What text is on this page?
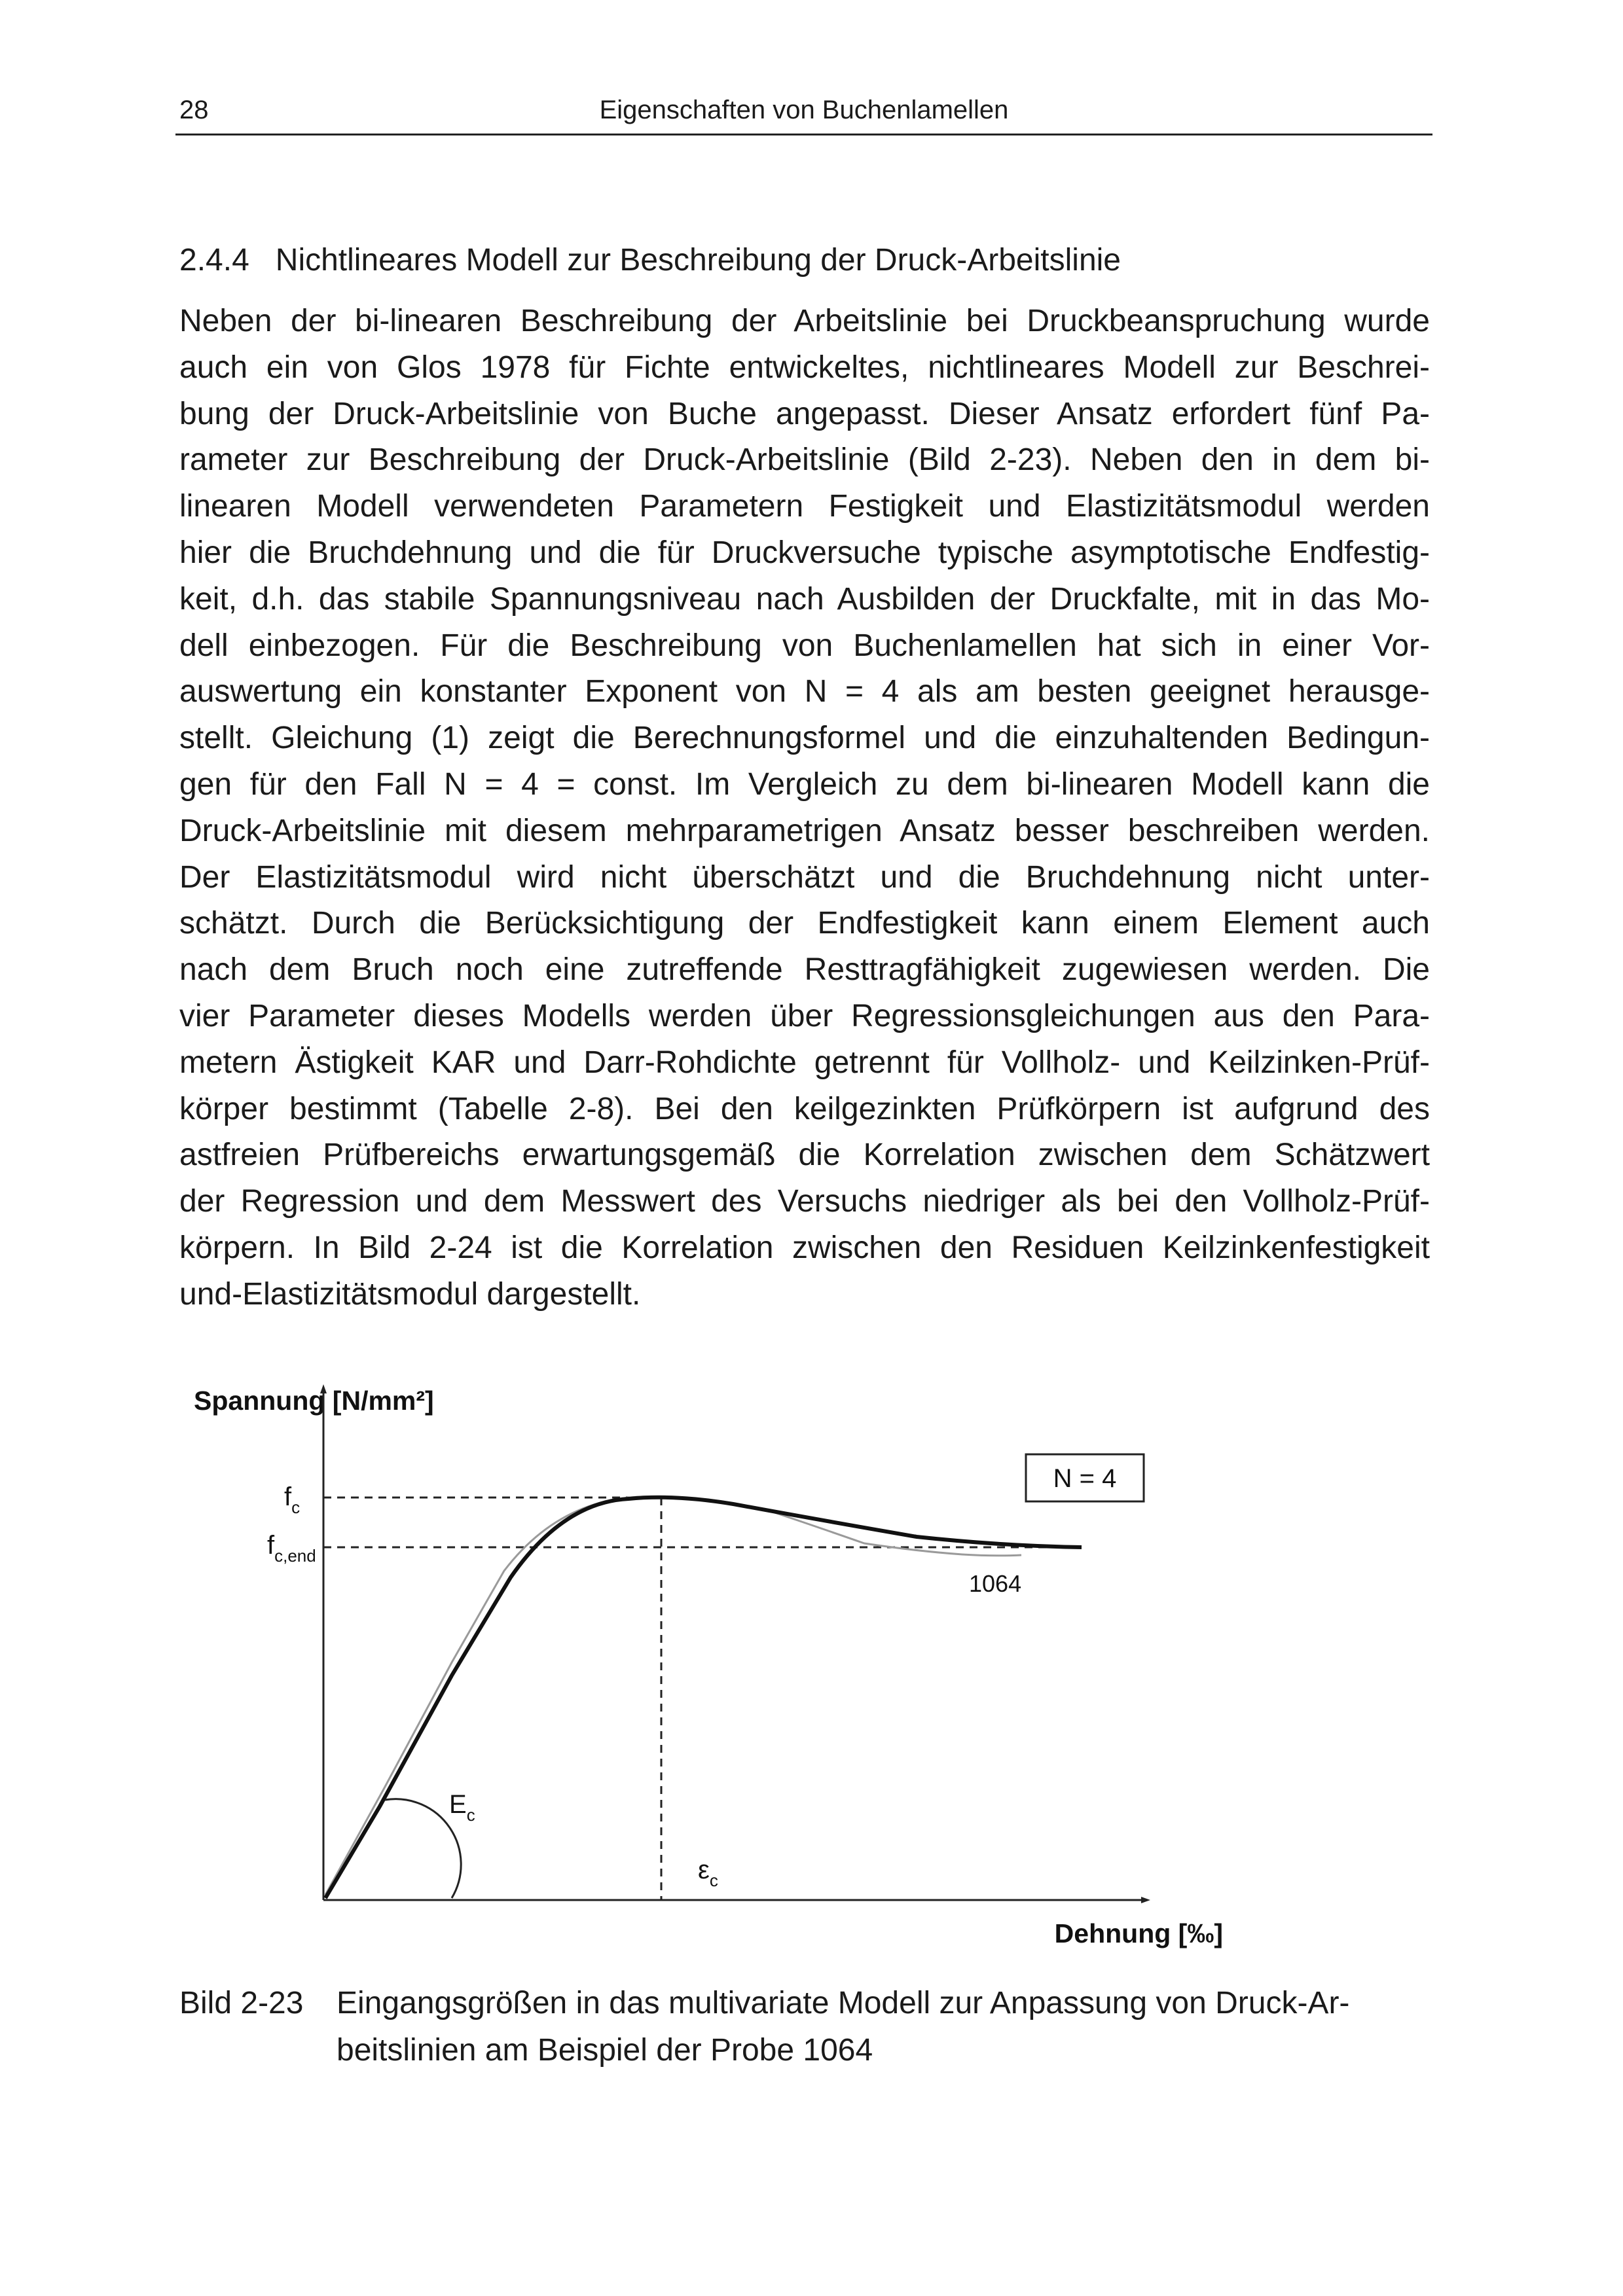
28	Eigenschaften von Buchenlamellen
2.4.4 Nichtlineares Modell zur Beschreibung der Druck-Arbeitslinie
Neben der bi-linearen Beschreibung der Arbeitslinie bei Druckbeanspruchung wurde
auch ein von Glos 1978 für Fichte entwickeltes, nichtlineares Modell zur Beschrei-
bung der Druck-Arbeitslinie von Buche angepasst. Dieser Ansatz erfordert fünf Pa-
rameter zur Beschreibung der Druck-Arbeitslinie (Bild 2-23). Neben den in dem bi-
linearen Modell verwendeten Parametern Festigkeit und Elastizitätsmodul werden
hier die Bruchdehnung und die für Druckversuche typische asymptotische Endfestig-
keit, d.h. das stabile Spannungsniveau nach Ausbilden der Druckfalte, mit in das Mo-
dell einbezogen. Für die Beschreibung von Buchenlamellen hat sich in einer Vor-
auswertung ein konstanter Exponent von N = 4 als am besten geeignet herausge-
stellt. Gleichung (1) zeigt die Berechnungsformel und die einzuhaltenden Bedingun-
gen für den Fall N = 4 = const. Im Vergleich zu dem bi-linearen Modell kann die
Druck-Arbeitslinie mit diesem mehrparametrigen Ansatz besser beschreiben werden.
Der Elastizitätsmodul wird nicht überschätzt und die Bruchdehnung nicht unter-
schätzt. Durch die Berücksichtigung der Endfestigkeit kann einem Element auch
nach dem Bruch noch eine zutreffende Resttragfähigkeit zugewiesen werden. Die
vier Parameter dieses Modells werden über Regressionsgleichungen aus den Para-
metern Ästigkeit KAR und Darr-Rohdichte getrennt für Vollholz- und Keilzinken-Prüf-
körper bestimmt (Tabelle 2-8). Bei den keilgezinkten Prüfkörpern ist aufgrund des
astfreien Prüfbereichs erwartungsgemäß die Korrelation zwischen dem Schätzwert
der Regression und dem Messwert des Versuchs niedriger als bei den Vollholz-Prüf-
körpern. In Bild 2-24 ist die Korrelation zwischen den Residuen Keilzinkenfestigkeit
und-Elastizitätsmodul dargestellt.
Spannung [N/mm²]
Dehnung [‰]
N = 4
$f_c$
$f_{c,end}$
$E_c$
$\varepsilon_c$
1064
Bild 2-23 Eingangsgrößen in das multivariate Modell zur Anpassung von Druck-Ar-
beitslinien am Beispiel der Probe 1064
